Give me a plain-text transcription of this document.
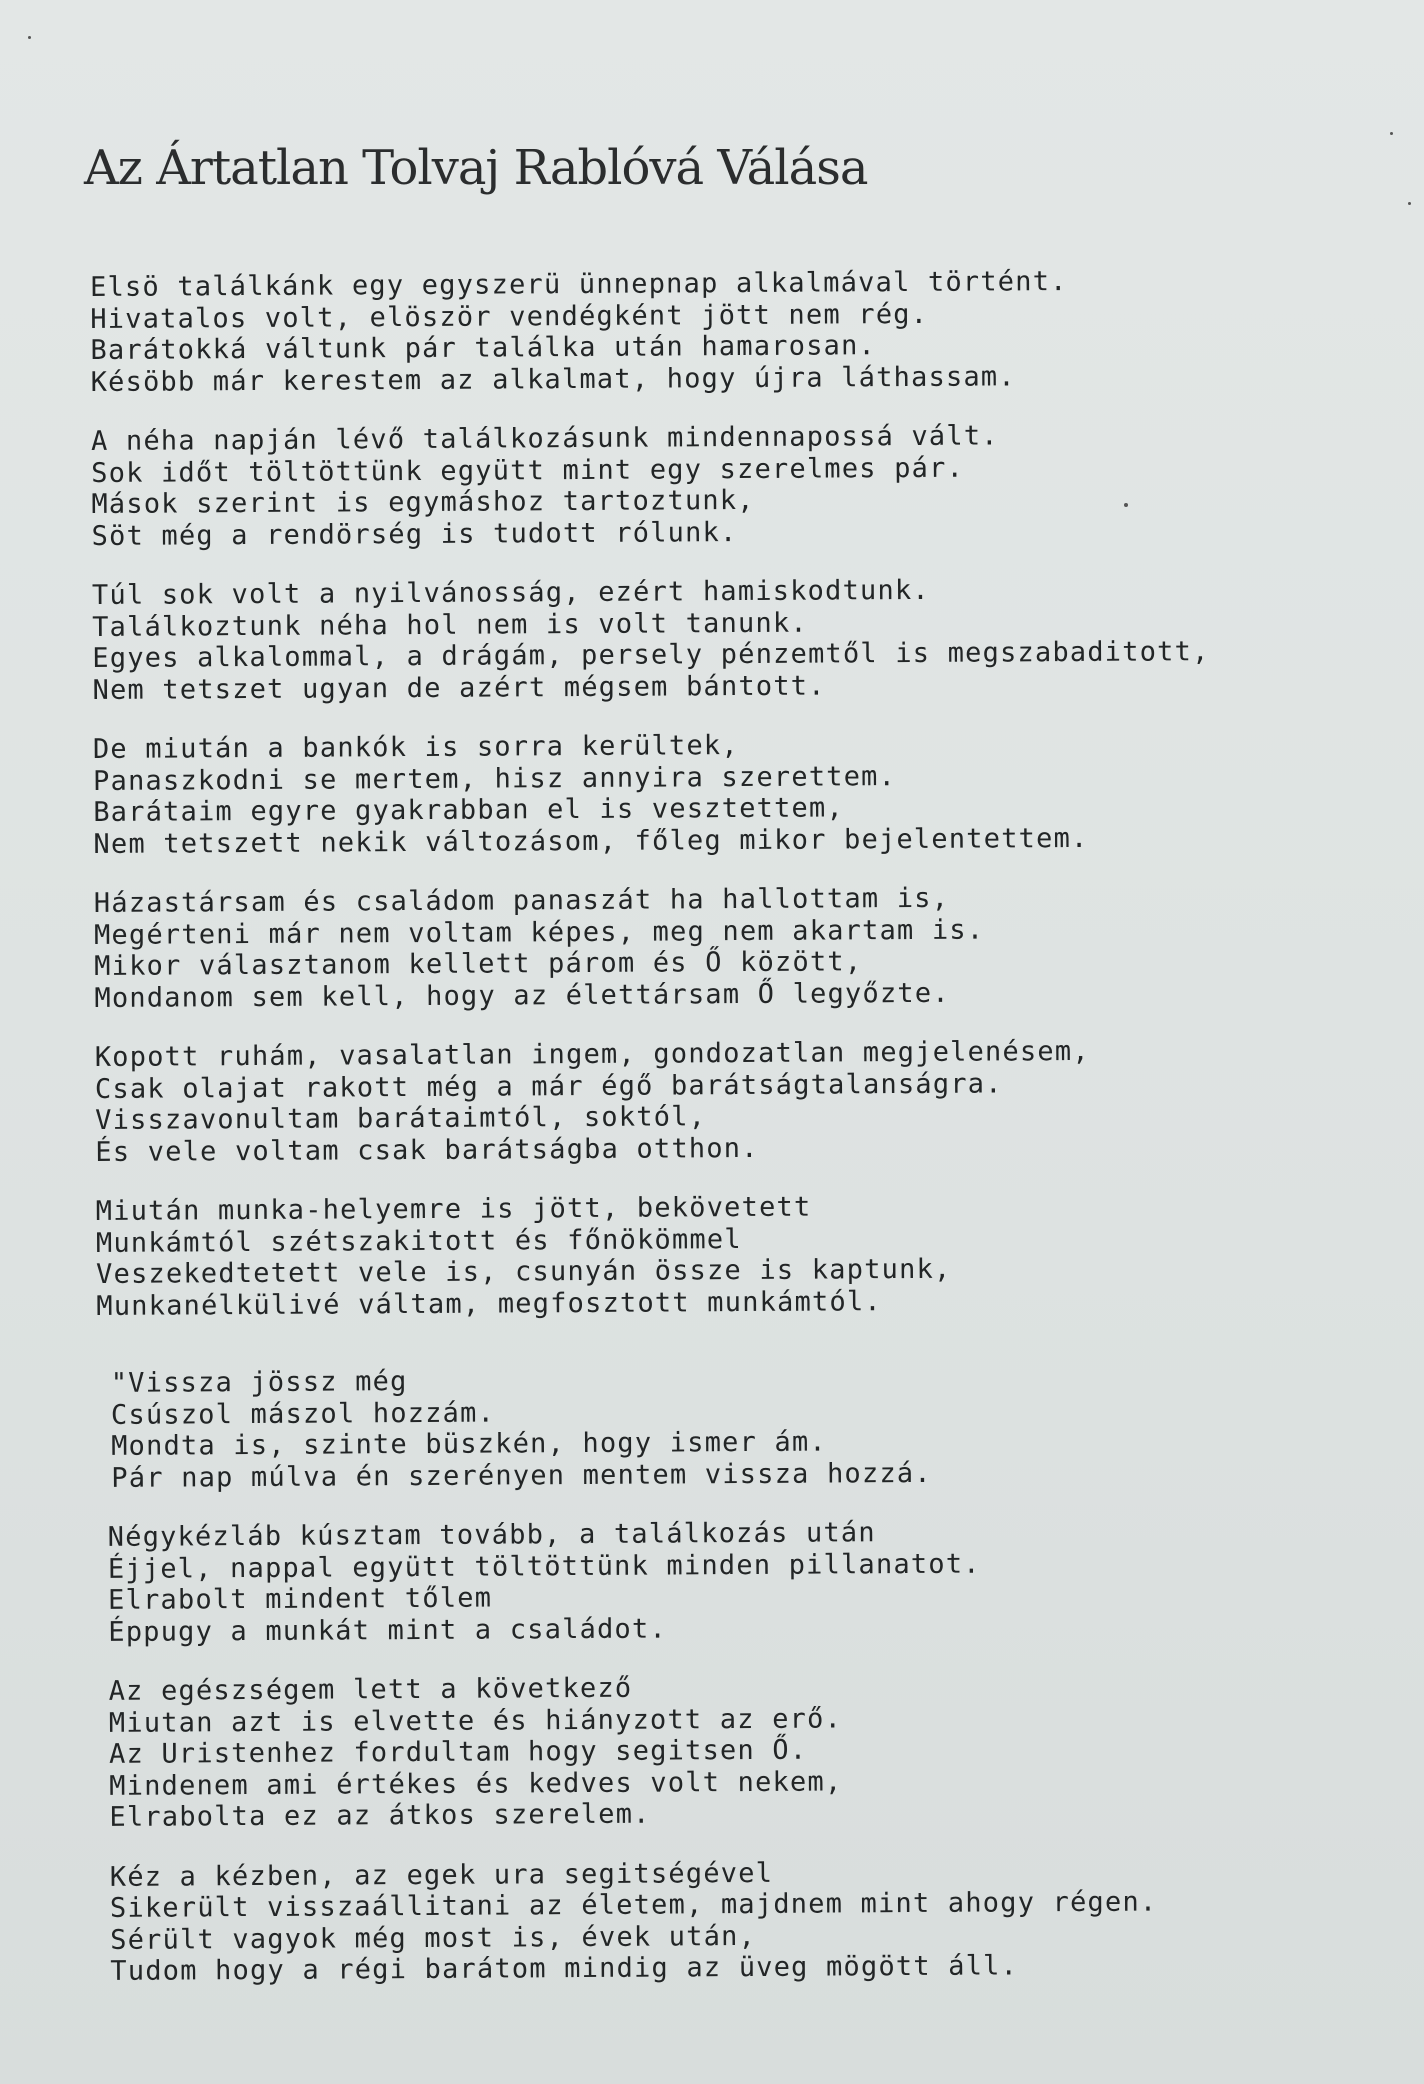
Az Ártatlan Tolvaj Rablóvá Válása
Elsö találkánk egy egyszerü ünnepnap alkalmával történt.
Hivatalos volt, elöször vendégként jött nem rég.
Barátokká váltunk pár találka után hamarosan.
Késöbb már kerestem az alkalmat, hogy újra láthassam.
A néha napján lévő találkozásunk mindennapossá vált.
Sok időt töltöttünk együtt mint egy szerelmes pár.
Mások szerint is egymáshoz tartoztunk,
Söt még a rendörség is tudott rólunk.
Túl sok volt a nyilvánosság, ezért hamiskodtunk.
Találkoztunk néha hol nem is volt tanunk.
Egyes alkalommal, a drágám, persely pénzemtől is megszabaditott,
Nem tetszet ugyan de azért mégsem bántott.
De miután a bankók is sorra kerültek,
Panaszkodni se mertem, hisz annyira szerettem.
Barátaim egyre gyakrabban el is vesztettem,
Nem tetszett nekik változásom, főleg mikor bejelentettem.
Házastársam és családom panaszát ha hallottam is,
Megérteni már nem voltam képes, meg nem akartam is.
Mikor választanom kellett párom és Ő között,
Mondanom sem kell, hogy az élettársam Ő legyőzte.
Kopott ruhám, vasalatlan ingem, gondozatlan megjelenésem,
Csak olajat rakott még a már égő barátságtalanságra.
Visszavonultam barátaimtól, soktól,
És vele voltam csak barátságba otthon.
Miután munka-helyemre is jött, bekövetett
Munkámtól szétszakitott és főnökömmel
Veszekedtetett vele is, csunyán össze is kaptunk,
Munkanélkülivé váltam, megfosztott munkámtól.
"Vissza jössz még
Csúszol mászol hozzám.
Mondta is, szinte büszkén, hogy ismer ám.
Pár nap múlva én szerényen mentem vissza hozzá.
Négykézláb kúsztam tovább, a találkozás után
Éjjel, nappal együtt töltöttünk minden pillanatot.
Elrabolt mindent tőlem
Éppugy a munkát mint a családot.
Az egészségem lett a következő
Miutan azt is elvette és hiányzott az erő.
Az Uristenhez fordultam hogy segitsen Ő.
Mindenem ami értékes és kedves volt nekem,
Elrabolta ez az átkos szerelem.
Kéz a kézben, az egek ura segitségével
Sikerült visszaállitani az életem, majdnem mint ahogy régen.
Sérült vagyok még most is, évek után,
Tudom hogy a régi barátom mindig az üveg mögött áll.
